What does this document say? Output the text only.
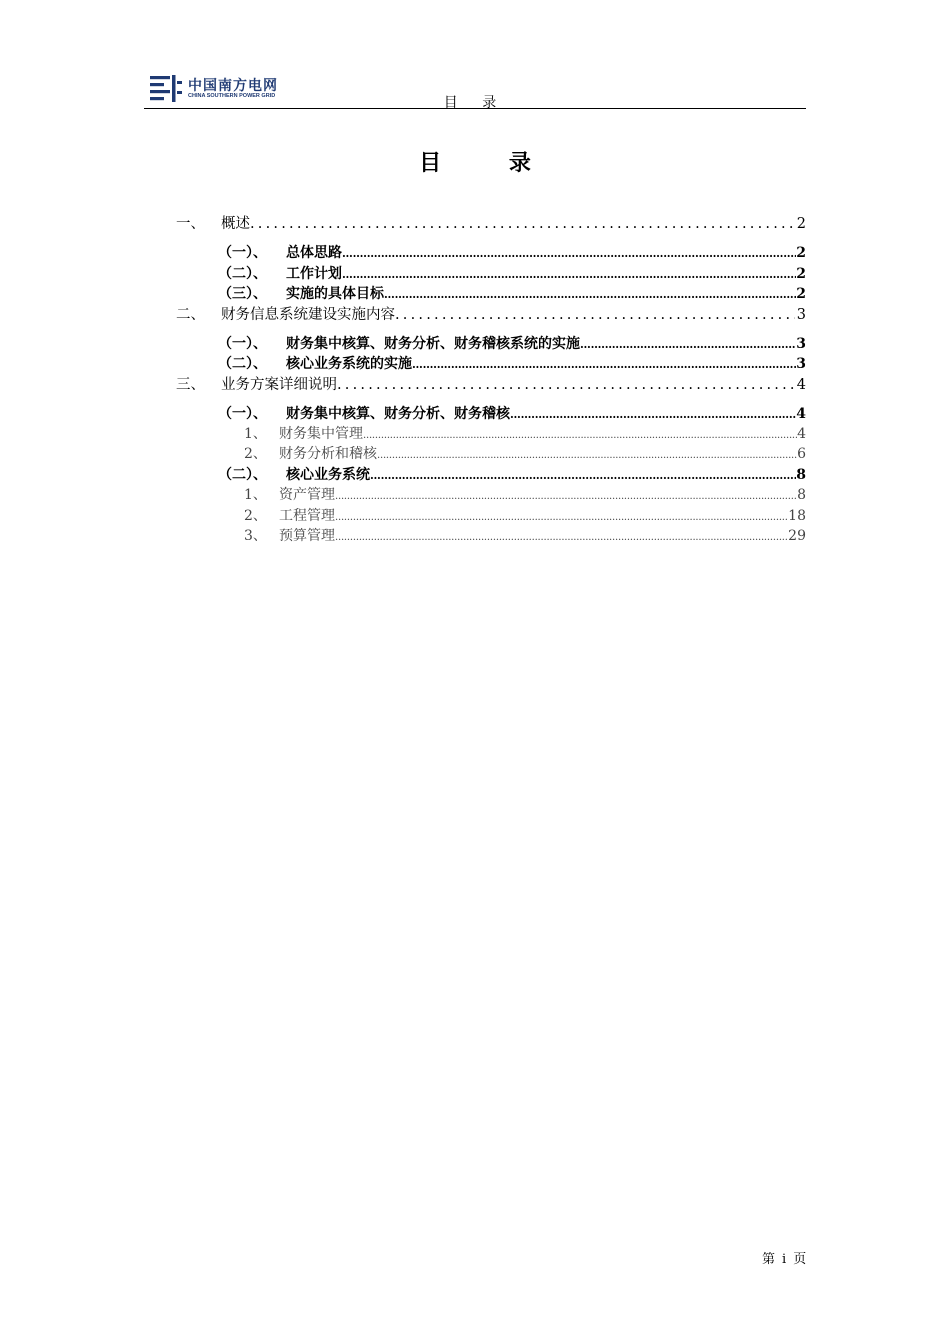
中国南方电网
CHINA SOUTHERN POWER GRID	目 录
目 录
一、	概述 .....	2
（一）、	总体思路 .....	2
（二）、	工作计划 .....	2
（三）、	实施的具体目标 .....	2
二、	财务信息系统建设实施内容 .....	3
（一）、	财务集中核算、财务分析、财务稽核系统的实施 .....	3
（二）、	核心业务系统的实施 .....	3
三、	业务方案详细说明 .....	4
（一）、	财务集中核算、财务分析、财务稽核 .....	4
1、 财务集中管理 .....	4
2、 财务分析和稽核 .....	6
（二）、	核心业务系统 .....	8
1、 资产管理 .....	8
2、 工程管理 .....	18
3、 预算管理 .....	29
第 i 页
